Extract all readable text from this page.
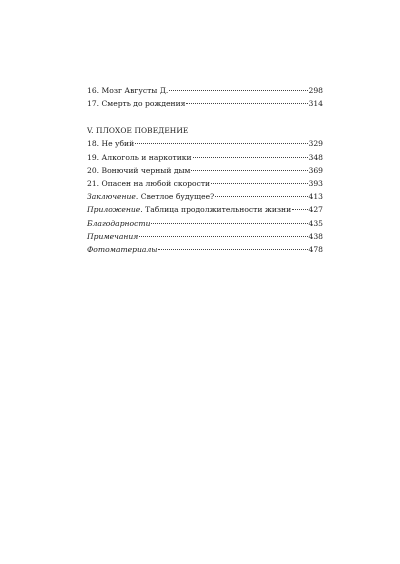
16. Мозг Августы Д.	298
17. Смерть до рождения	314
V. ПЛОХОЕ ПОВЕДЕНИЕ
18. Не убий	329
19. Алкоголь и наркотики	348
20. Вонючий черный дым	369
21. Опасен на любой скорости	393
Заключение. Светлое будущее?	413
Приложение. Таблица продолжительности жизни 427
Благодарности	435
Примечания	438
Фотоматериалы	478
